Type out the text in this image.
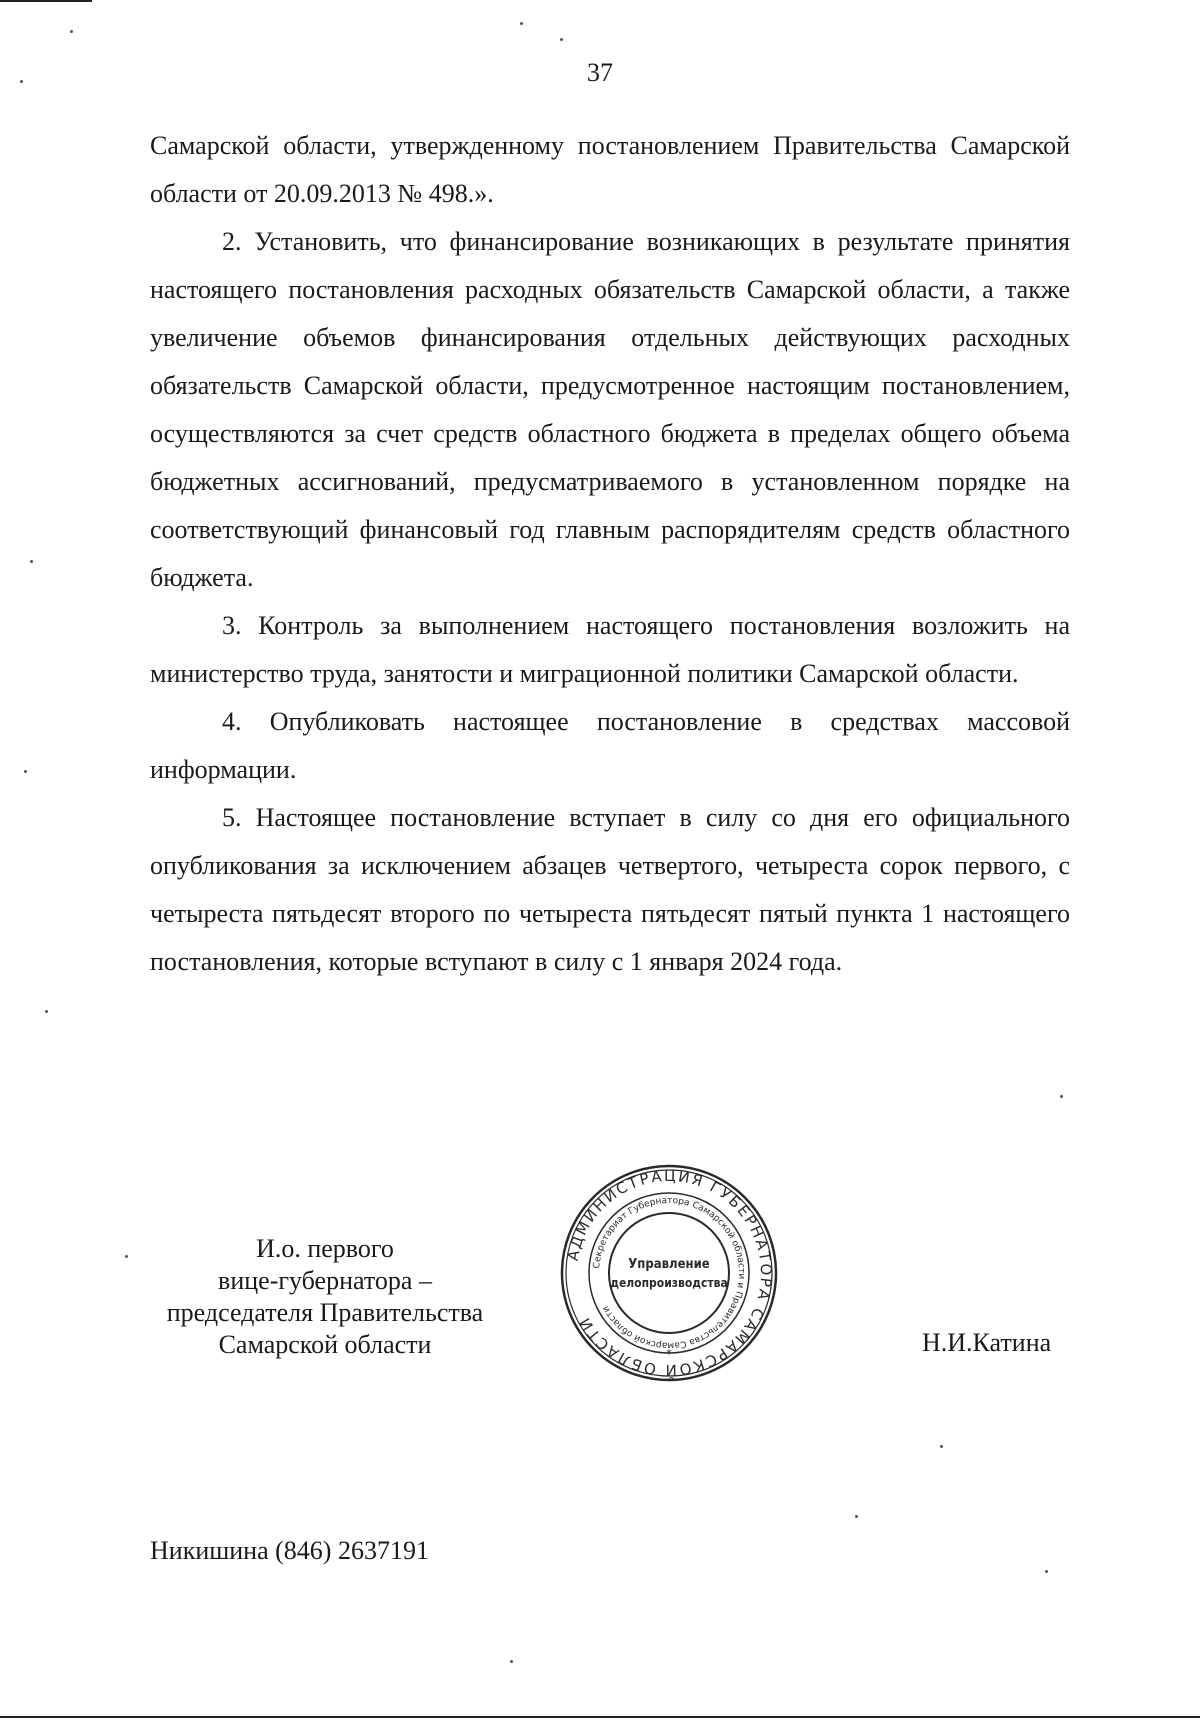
37

Самарской области, утвержденному постановлением Правительства Самарской области от 20.09.2013 № 498.».

2. Установить, что финансирование возникающих в результате принятия настоящего постановления расходных обязательств Самарской области, а также увеличение объемов финансирования отдельных действующих расходных обязательств Самарской области, предусмотренное настоящим постановлением, осуществляются за счет средств областного бюджета в пределах общего объема бюджетных ассигнований, предусматриваемого в установленном порядке на соответствующий финансовый год главным распорядителям средств областного бюджета.

3. Контроль за выполнением настоящего постановления возложить на министерство труда, занятости и миграционной политики Самарской области.

4. Опубликовать настоящее постановление в средствах массовой информации.

5. Настоящее постановление вступает в силу со дня его официального опубликования за исключением абзацев четвертого, четыреста сорок первого, с четыреста пятьдесят второго по четыреста пятьдесят пятый пункта 1 настоящего постановления, которые вступают в силу с 1 января 2024 года.

И.о. первого
вице-губернатора –
председателя Правительства
Самарской области
АДМИНИСТРАЦИЯ ГУБЕРНАТОРА САМАРСКОЙ ОБЛАСТИ
Секретариат Губернатора Самарской области и Правительства Самарской области
Управление
делопроизводства
*	Н.И.Катина
Никишина (846) 2637191
